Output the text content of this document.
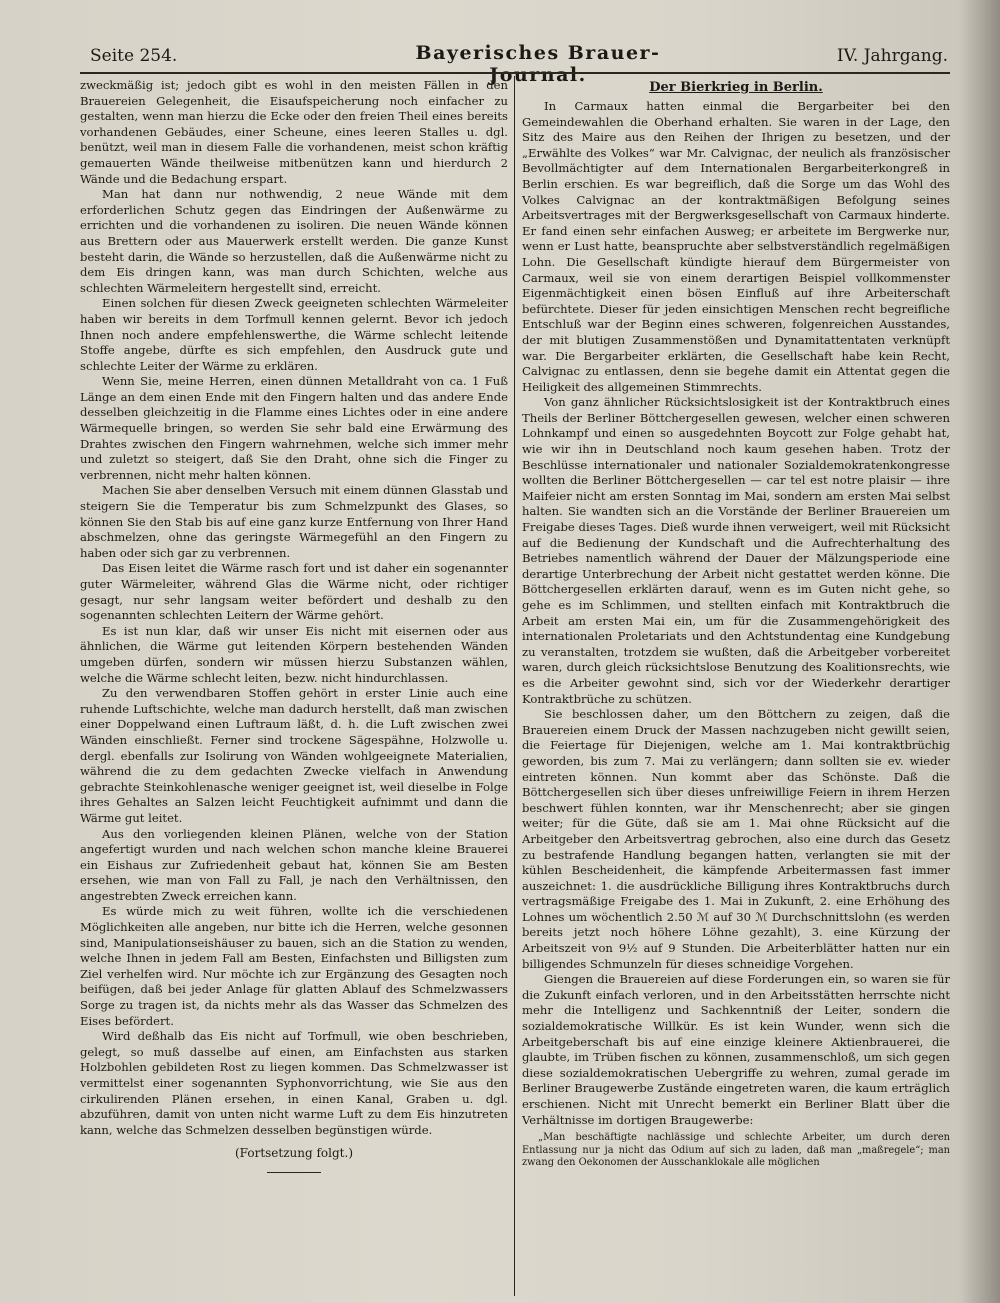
Seite 254.	Bayerisches Brauer-Journal.
IV. Jahrgang.

zweckmäßig ist; jedoch gibt es wohl in den meisten Fällen in den Brauereien Gelegenheit, die Eisaufspeicherung noch einfacher zu gestalten, wenn man hierzu die Ecke oder den freien Theil eines bereits vorhandenen Gebäudes, einer Scheune, eines leeren Stalles u. dgl. benützt, weil man in diesem Falle die vorhandenen, meist schon kräftig gemauerten Wände theilweise mitbenützen kann und hierdurch 2 Wände und die Bedachung erspart.

Man hat dann nur nothwendig, 2 neue Wände mit dem erforderlichen Schutz gegen das Eindringen der Außenwärme zu errichten und die vorhandenen zu isoliren. Die neuen Wände können aus Brettern oder aus Mauerwerk erstellt werden. Die ganze Kunst besteht darin, die Wände so herzustellen, daß die Außenwärme nicht zu dem Eis dringen kann, was man durch Schichten, welche aus schlechten Wärmeleitern hergestellt sind, erreicht.

Einen solchen für diesen Zweck geeigneten schlechten Wärmeleiter haben wir bereits in dem Torfmull kennen gelernt. Bevor ich jedoch Ihnen noch andere empfehlenswerthe, die Wärme schlecht leitende Stoffe angebe, dürfte es sich empfehlen, den Ausdruck gute und schlechte Leiter der Wärme zu erklären.

Wenn Sie, meine Herren, einen dünnen Metalldraht von ca. 1 Fuß Länge an dem einen Ende mit den Fingern halten und das andere Ende desselben gleichzeitig in die Flamme eines Lichtes oder in eine andere Wärmequelle bringen, so werden Sie sehr bald eine Erwärmung des Drahtes zwischen den Fingern wahrnehmen, welche sich immer mehr und zuletzt so steigert, daß Sie den Draht, ohne sich die Finger zu verbrennen, nicht mehr halten können.

Machen Sie aber denselben Versuch mit einem dünnen Glasstab und steigern Sie die Temperatur bis zum Schmelzpunkt des Glases, so können Sie den Stab bis auf eine ganz kurze Entfernung von Ihrer Hand abschmelzen, ohne das geringste Wärmegefühl an den Fingern zu haben oder sich gar zu verbrennen.

Das Eisen leitet die Wärme rasch fort und ist daher ein sogenannter guter Wärmeleiter, während Glas die Wärme nicht, oder richtiger gesagt, nur sehr langsam weiter befördert und deshalb zu den sogenannten schlechten Leitern der Wärme gehört.

Es ist nun klar, daß wir unser Eis nicht mit eisernen oder aus ähnlichen, die Wärme gut leitenden Körpern bestehenden Wänden umgeben dürfen, sondern wir müssen hierzu Substanzen wählen, welche die Wärme schlecht leiten, bezw. nicht hindurchlassen.

Zu den verwendbaren Stoffen gehört in erster Linie auch eine ruhende Luftschichte, welche man dadurch herstellt, daß man zwischen einer Doppelwand einen Luftraum läßt, d. h. die Luft zwischen zwei Wänden einschließt. Ferner sind trockene Sägespähne, Holzwolle u. dergl. ebenfalls zur Isolirung von Wänden wohlgeeignete Materialien, während die zu dem gedachten Zwecke vielfach in Anwendung gebrachte Steinkohlenasche weniger geeignet ist, weil dieselbe in Folge ihres Gehaltes an Salzen leicht Feuchtigkeit aufnimmt und dann die Wärme gut leitet.

Aus den vorliegenden kleinen Plänen, welche von der Station angefertigt wurden und nach welchen schon manche kleine Brauerei ein Eishaus zur Zufriedenheit gebaut hat, können Sie am Besten ersehen, wie man von Fall zu Fall, je nach den Verhältnissen, den angestrebten Zweck erreichen kann.

Es würde mich zu weit führen, wollte ich die verschiedenen Möglichkeiten alle angeben, nur bitte ich die Herren, welche gesonnen sind, Manipulationseishäuser zu bauen, sich an die Station zu wenden, welche Ihnen in jedem Fall am Besten, Einfachsten und Billigsten zum Ziel verhelfen wird. Nur möchte ich zur Ergänzung des Gesagten noch beifügen, daß bei jeder Anlage für glatten Ablauf des Schmelzwassers Sorge zu tragen ist, da nichts mehr als das Wasser das Schmelzen des Eises befördert.

Wird deßhalb das Eis nicht auf Torfmull, wie oben beschrieben, gelegt, so muß dasselbe auf einen, am Einfachsten aus starken Holzbohlen gebildeten Rost zu liegen kommen. Das Schmelzwasser ist vermittelst einer sogenannten Syphonvorrichtung, wie Sie aus den cirkulirenden Plänen ersehen, in einen Kanal, Graben u. dgl. abzuführen, damit von unten nicht warme Luft zu dem Eis hinzutreten kann, welche das Schmelzen desselben begünstigen würde.

(Fortsetzung folgt.)
Der Bierkrieg in Berlin.

In Carmaux hatten einmal die Bergarbeiter bei den Gemeindewahlen die Oberhand erhalten. Sie waren in der Lage, den Sitz des Maire aus den Reihen der Ihrigen zu besetzen, und der „Erwählte des Volkes“ war Mr. Calvignac, der neulich als französischer Bevollmächtigter auf dem Internationalen Bergarbeiterkongreß in Berlin erschien. Es war begreiflich, daß die Sorge um das Wohl des Volkes Calvignac an der kontraktmäßigen Befolgung seines Arbeitsvertrages mit der Bergwerksgesellschaft von Carmaux hinderte. Er fand einen sehr einfachen Ausweg; er arbeitete im Bergwerke nur, wenn er Lust hatte, beanspruchte aber selbstverständlich regelmäßigen Lohn. Die Gesellschaft kündigte hierauf dem Bürgermeister von Carmaux, weil sie von einem derartigen Beispiel vollkommenster Eigenmächtigkeit einen bösen Einfluß auf ihre Arbeiterschaft befürchtete. Dieser für jeden einsichtigen Menschen recht begreifliche Entschluß war der Beginn eines schweren, folgenreichen Ausstandes, der mit blutigen Zusammenstößen und Dynamitattentaten verknüpft war. Die Bergarbeiter erklärten, die Gesellschaft habe kein Recht, Calvignac zu entlassen, denn sie begehe damit ein Attentat gegen die Heiligkeit des allgemeinen Stimmrechts.

Von ganz ähnlicher Rücksichtslosigkeit ist der Kontraktbruch eines Theils der Berliner Böttchergesellen gewesen, welcher einen schweren Lohnkampf und einen so ausgedehnten Boycott zur Folge gehabt hat, wie wir ihn in Deutschland noch kaum gesehen haben. Trotz der Beschlüsse internationaler und nationaler Sozialdemokratenkongresse wollten die Berliner Böttchergesellen — car tel est notre plaisir — ihre Maifeier nicht am ersten Sonntag im Mai, sondern am ersten Mai selbst halten. Sie wandten sich an die Vorstände der Berliner Brauereien um Freigabe dieses Tages. Dieß wurde ihnen verweigert, weil mit Rücksicht auf die Bedienung der Kundschaft und die Aufrechterhaltung des Betriebes namentlich während der Dauer der Mälzungsperiode eine derartige Unterbrechung der Arbeit nicht gestattet werden könne. Die Böttchergesellen erklärten darauf, wenn es im Guten nicht gehe, so gehe es im Schlimmen, und stellten einfach mit Kontraktbruch die Arbeit am ersten Mai ein, um für die Zusammengehörigkeit des internationalen Proletariats und den Achtstundentag eine Kundgebung zu veranstalten, trotzdem sie wußten, daß die Arbeitgeber vorbereitet waren, durch gleich rücksichtslose Benutzung des Koalitionsrechts, wie es die Arbeiter gewohnt sind, sich vor der Wiederkehr derartiger Kontraktbrüche zu schützen.

Sie beschlossen daher, um den Böttchern zu zeigen, daß die Brauereien einem Druck der Massen nachzugeben nicht gewillt seien, die Feiertage für Diejenigen, welche am 1. Mai kontraktbrüchig geworden, bis zum 7. Mai zu verlängern; dann sollten sie ev. wieder eintreten können. Nun kommt aber das Schönste. Daß die Böttchergesellen sich über dieses unfreiwillige Feiern in ihrem Herzen beschwert fühlen konnten, war ihr Menschenrecht; aber sie gingen weiter; für die Güte, daß sie am 1. Mai ohne Rücksicht auf die Arbeitgeber den Arbeitsvertrag gebrochen, also eine durch das Gesetz zu bestrafende Handlung begangen hatten, verlangten sie mit der kühlen Bescheidenheit, die kämpfende Arbeitermassen fast immer auszeichnet: 1. die ausdrückliche Billigung ihres Kontraktbruchs durch vertragsmäßige Freigabe des 1. Mai in Zukunft, 2. eine Erhöhung des Lohnes um wöchentlich 2.50 ℳ auf 30 ℳ Durchschnittslohn (es werden bereits jetzt noch höhere Löhne gezahlt), 3. eine Kürzung der Arbeitszeit von 9½ auf 9 Stunden. Die Arbeiterblätter hatten nur ein billigendes Schmunzeln für dieses schneidige Vorgehen.

Giengen die Brauereien auf diese Forderungen ein, so waren sie für die Zukunft einfach verloren, und in den Arbeitsstätten herrschte nicht mehr die Intelligenz und Sachkenntniß der Leiter, sondern die sozialdemokratische Willkür. Es ist kein Wunder, wenn sich die Arbeitgeberschaft bis auf eine einzige kleinere Aktienbrauerei, die glaubte, im Trüben fischen zu können, zusammenschloß, um sich gegen diese sozialdemokratischen Uebergriffe zu wehren, zumal gerade im Berliner Braugewerbe Zustände eingetreten waren, die kaum erträglich erschienen. Nicht mit Unrecht bemerkt ein Berliner Blatt über die Verhältnisse im dortigen Braugewerbe:

„Man beschäftigte nachlässige und schlechte Arbeiter, um durch deren Entlassung nur ja nicht das Odium auf sich zu laden, daß man „maßregele“; man zwang den Oekonomen der Ausschanklokale alle möglichen
